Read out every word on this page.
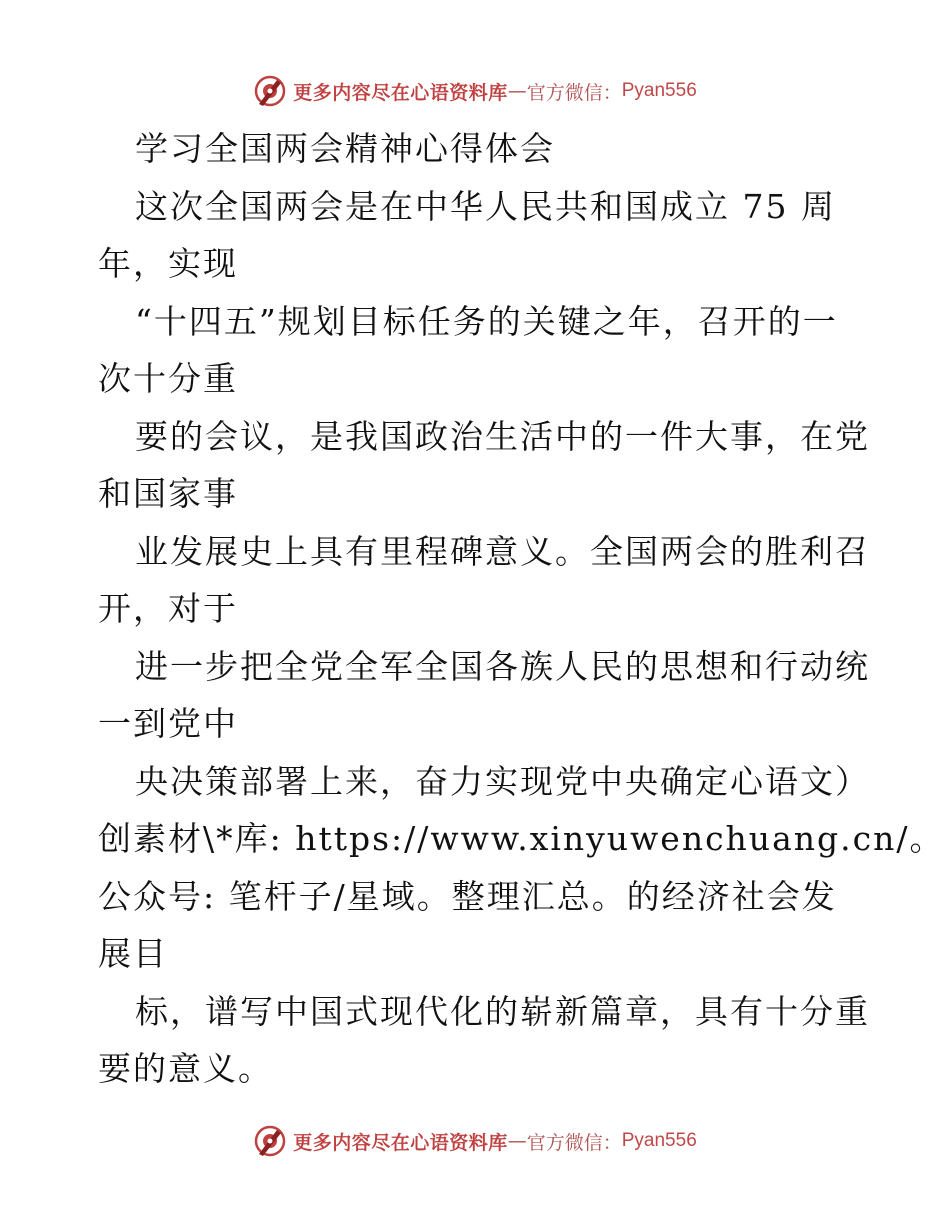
更多内容尽在心语资料库 — 官方微信： Pyan556
学习全国两会精神心得体会
这次全国两会是在中华人民共和国成立 75 周
年，实现
“十四五”规划目标任务的关键之年，召开的一
次十分重
要的会议，是我国政治生活中的一件大事，在党
和国家事
业发展史上具有里程碑意义。全国两会的胜利召
开，对于
进一步把全党全军全国各族人民的思想和行动统
一到党中
央决策部署上来，奋力实现党中央确定心语文）
创素材\*库: https://www.xinyuwenchuang.cn/。
公众号: 笔杆子/星域。整理汇总。的经济社会发
展目
标，谱写中国式现代化的崭新篇章，具有十分重
要的意义。
更多内容尽在心语资料库 — 官方微信： Pyan556
